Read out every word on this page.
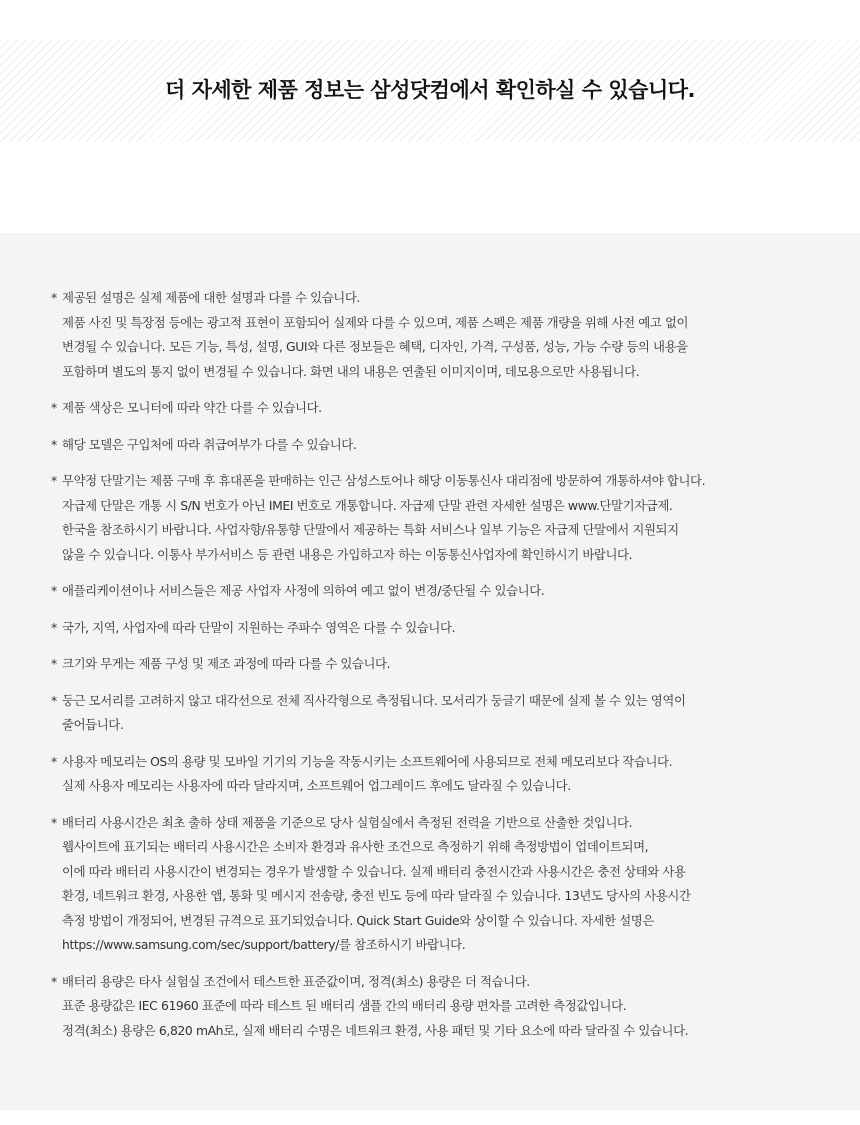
더 자세한 제품 정보는 삼성닷컴에서 확인하실 수 있습니다.
* 제공된 설명은 실제 제품에 대한 설명과 다를 수 있습니다.
제품 사진 및 특장점 등에는 광고적 표현이 포함되어 실제와 다를 수 있으며, 제품 스펙은 제품 개량을 위해 사전 예고 없이
변경될 수 있습니다. 모든 기능, 특성, 설명, GUI와 다른 정보들은 혜택, 디자인, 가격, 구성품, 성능, 가능 수량 등의 내용을
포함하며 별도의 통지 없이 변경될 수 있습니다. 화면 내의 내용은 연출된 이미지이며, 데모용으로만 사용됩니다.
* 제품 색상은 모니터에 따라 약간 다를 수 있습니다.
* 해당 모델은 구입처에 따라 취급여부가 다를 수 있습니다.
* 무약정 단말기는 제품 구매 후 휴대폰을 판매하는 인근 삼성스토어나 해당 이동통신사 대리점에 방문하여 개통하셔야 합니다.
자급제 단말은 개통 시 S/N 번호가 아닌 IMEI 번호로 개통합니다. 자급제 단말 관련 자세한 설명은 www.단말기자급제.
한국을 참조하시기 바랍니다. 사업자향/유통향 단말에서 제공하는 특화 서비스나 일부 기능은 자급제 단말에서 지원되지
않을 수 있습니다. 이통사 부가서비스 등 관련 내용은 가입하고자 하는 이동통신사업자에 확인하시기 바랍니다.
* 애플리케이션이나 서비스들은 제공 사업자 사정에 의하여 예고 없이 변경/중단될 수 있습니다.
* 국가, 지역, 사업자에 따라 단말이 지원하는 주파수 영역은 다를 수 있습니다.
* 크기와 무게는 제품 구성 및 제조 과정에 따라 다를 수 있습니다.
* 둥근 모서리를 고려하지 않고 대각선으로 전체 직사각형으로 측정됩니다. 모서리가 둥글기 때문에 실제 볼 수 있는 영역이
줄어듭니다.
* 사용자 메모리는 OS의 용량 및 모바일 기기의 기능을 작동시키는 소프트웨어에 사용되므로 전체 메모리보다 작습니다.
실제 사용자 메모리는 사용자에 따라 달라지며, 소프트웨어 업그레이드 후에도 달라질 수 있습니다.
* 배터리 사용시간은 최초 출하 상태 제품을 기준으로 당사 실험실에서 측정된 전력을 기반으로 산출한 것입니다.
웹사이트에 표기되는 배터리 사용시간은 소비자 환경과 유사한 조건으로 측정하기 위해 측정방법이 업데이트되며,
이에 따라 배터리 사용시간이 변경되는 경우가 발생할 수 있습니다. 실제 배터리 충전시간과 사용시간은 충전 상태와 사용
환경, 네트워크 환경, 사용한 앱, 통화 및 메시지 전송량, 충전 빈도 등에 따라 달라질 수 있습니다. 13년도 당사의 사용시간
측정 방법이 개정되어, 변경된 규격으로 표기되었습니다. Quick Start Guide와 상이할 수 있습니다. 자세한 설명은
https://www.samsung.com/sec/support/battery/를 참조하시기 바랍니다.
* 배터리 용량은 타사 실험실 조건에서 테스트한 표준값이며, 정격(최소) 용량은 더 적습니다.
표준 용량값은 IEC 61960 표준에 따라 테스트 된 배터리 샘플 간의 배터리 용량 편차를 고려한 측정값입니다.
정격(최소) 용량은 6,820 mAh로, 실제 배터리 수명은 네트워크 환경, 사용 패턴 및 기타 요소에 따라 달라질 수 있습니다.
